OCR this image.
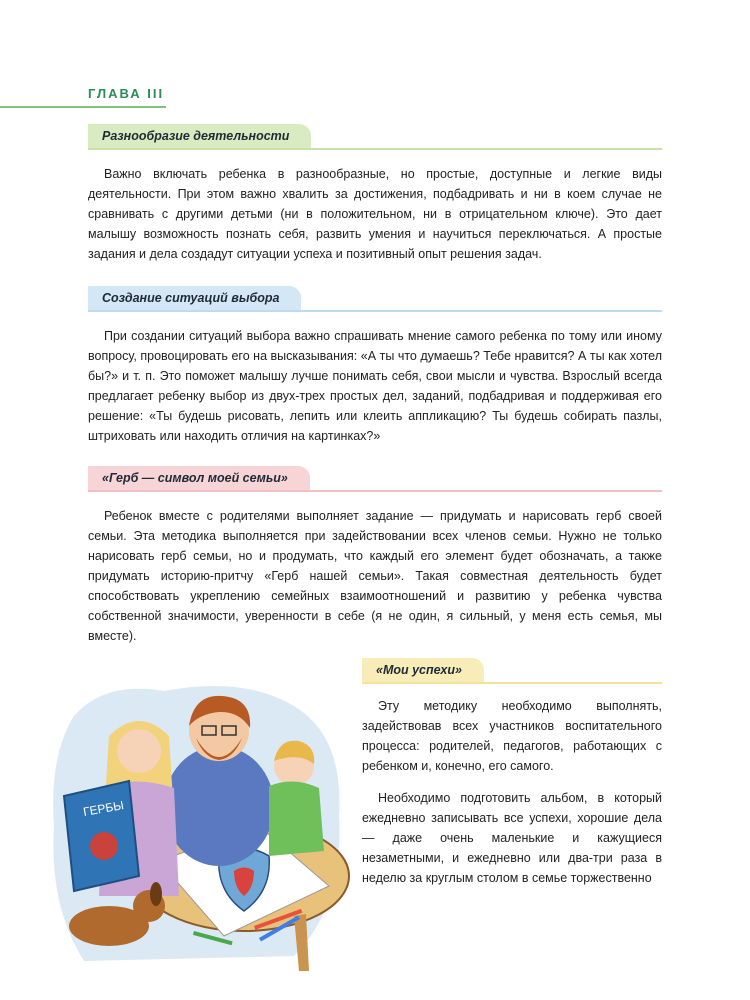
ГЛАВА III
Разнообразие деятельности

Важно включать ребенка в разнообразные, но простые, доступные и легкие виды деятельности. При этом важно хвалить за достижения, подбадривать и ни в коем случае не сравнивать с другими детьми (ни в положительном, ни в отрицательном ключе). Это дает малышу возможность познать себя, развить умения и научиться переключаться. А простые задания и дела создадут ситуации успеха и позитивный опыт решения задач.

Создание ситуаций выбора

При создании ситуаций выбора важно спрашивать мнение самого ребенка по тому или иному вопросу, провоцировать его на высказывания: «А ты что думаешь? Тебе нравится? А ты как хотел бы?» и т. п. Это поможет малышу лучше понимать себя, свои мысли и чувства. Взрослый всегда предлагает ребенку выбор из двух-трех простых дел, заданий, подбадривая и поддерживая его решение: «Ты будешь рисовать, лепить или клеить аппликацию? Ты будешь собирать пазлы, штриховать или находить отличия на картинках?»

«Герб — символ моей семьи»

Ребенок вместе с родителями выполняет задание — придумать и нарисовать герб своей семьи. Эта методика выполняется при задействовании всех членов семьи. Нужно не только нарисовать герб семьи, но и продумать, что каждый его элемент будет обозначать, а также придумать историю-притчу «Герб нашей семьи». Такая совместная деятельность будет способствовать укреплению семейных взаимоотношений и развитию у ребенка чувства собственной значимости, уверенности в себе (я не один, я сильный, у меня есть семья, мы вместе).

«Мои успехи»

Эту методику необходимо выполнять, задействовав всех участников воспитательного процесса: родителей, педагогов, работающих с ребенком и, конечно, его самого.

Необходимо подготовить альбом, в который ежедневно записывать все успехи, хорошие дела — даже очень маленькие и кажущиеся незаметными, и ежедневно или два-три раза в неделю за круглым столом в семье торжественно

ГЕРБЫ
